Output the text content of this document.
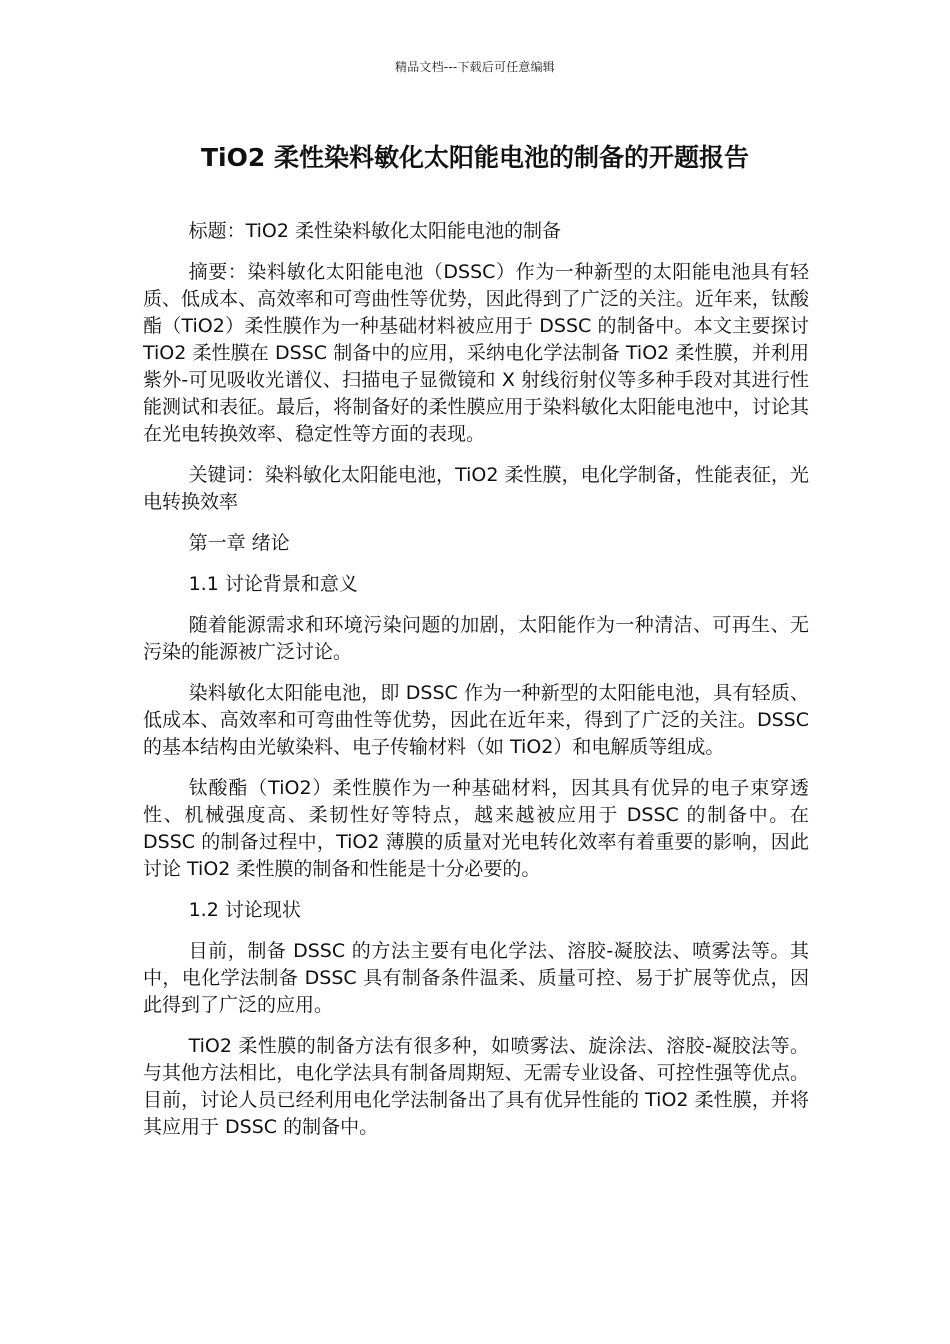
精品文档---下载后可任意编辑
TiO2 柔性染料敏化太阳能电池的制备的开题报告

标题：TiO2 柔性染料敏化太阳能电池的制备

摘要：染料敏化太阳能电池（DSSC）作为一种新型的太阳能电池具有轻质、低成本、高效率和可弯曲性等优势，因此得到了广泛的关注。近年来，钛酸酯（TiO2）柔性膜作为一种基础材料被应用于 DSSC 的制备中。本文主要探讨 TiO2 柔性膜在 DSSC 制备中的应用，采纳电化学法制备 TiO2 柔性膜，并利用紫外-可见吸收光谱仪、扫描电子显微镜和 X 射线衍射仪等多种手段对其进行性能测试和表征。最后，将制备好的柔性膜应用于染料敏化太阳能电池中，讨论其在光电转换效率、稳定性等方面的表现。

关键词：染料敏化太阳能电池，TiO2 柔性膜，电化学制备，性能表征，光电转换效率

第一章 绪论

1.1 讨论背景和意义

随着能源需求和环境污染问题的加剧，太阳能作为一种清洁、可再生、无污染的能源被广泛讨论。

染料敏化太阳能电池，即 DSSC 作为一种新型的太阳能电池，具有轻质、低成本、高效率和可弯曲性等优势，因此在近年来，得到了广泛的关注。DSSC 的基本结构由光敏染料、电子传输材料（如 TiO2）和电解质等组成。

钛酸酯（TiO2）柔性膜作为一种基础材料，因其具有优异的电子束穿透性、机械强度高、柔韧性好等特点，越来越被应用于 DSSC 的制备中。在 DSSC 的制备过程中，TiO2 薄膜的质量对光电转化效率有着重要的影响，因此讨论 TiO2 柔性膜的制备和性能是十分必要的。

1.2 讨论现状

目前，制备 DSSC 的方法主要有电化学法、溶胶-凝胶法、喷雾法等。其中，电化学法制备 DSSC 具有制备条件温柔、质量可控、易于扩展等优点，因此得到了广泛的应用。

TiO2 柔性膜的制备方法有很多种，如喷雾法、旋涂法、溶胶-凝胶法等。与其他方法相比，电化学法具有制备周期短、无需专业设备、可控性强等优点。目前，讨论人员已经利用电化学法制备出了具有优异性能的 TiO2 柔性膜，并将其应用于 DSSC 的制备中。
